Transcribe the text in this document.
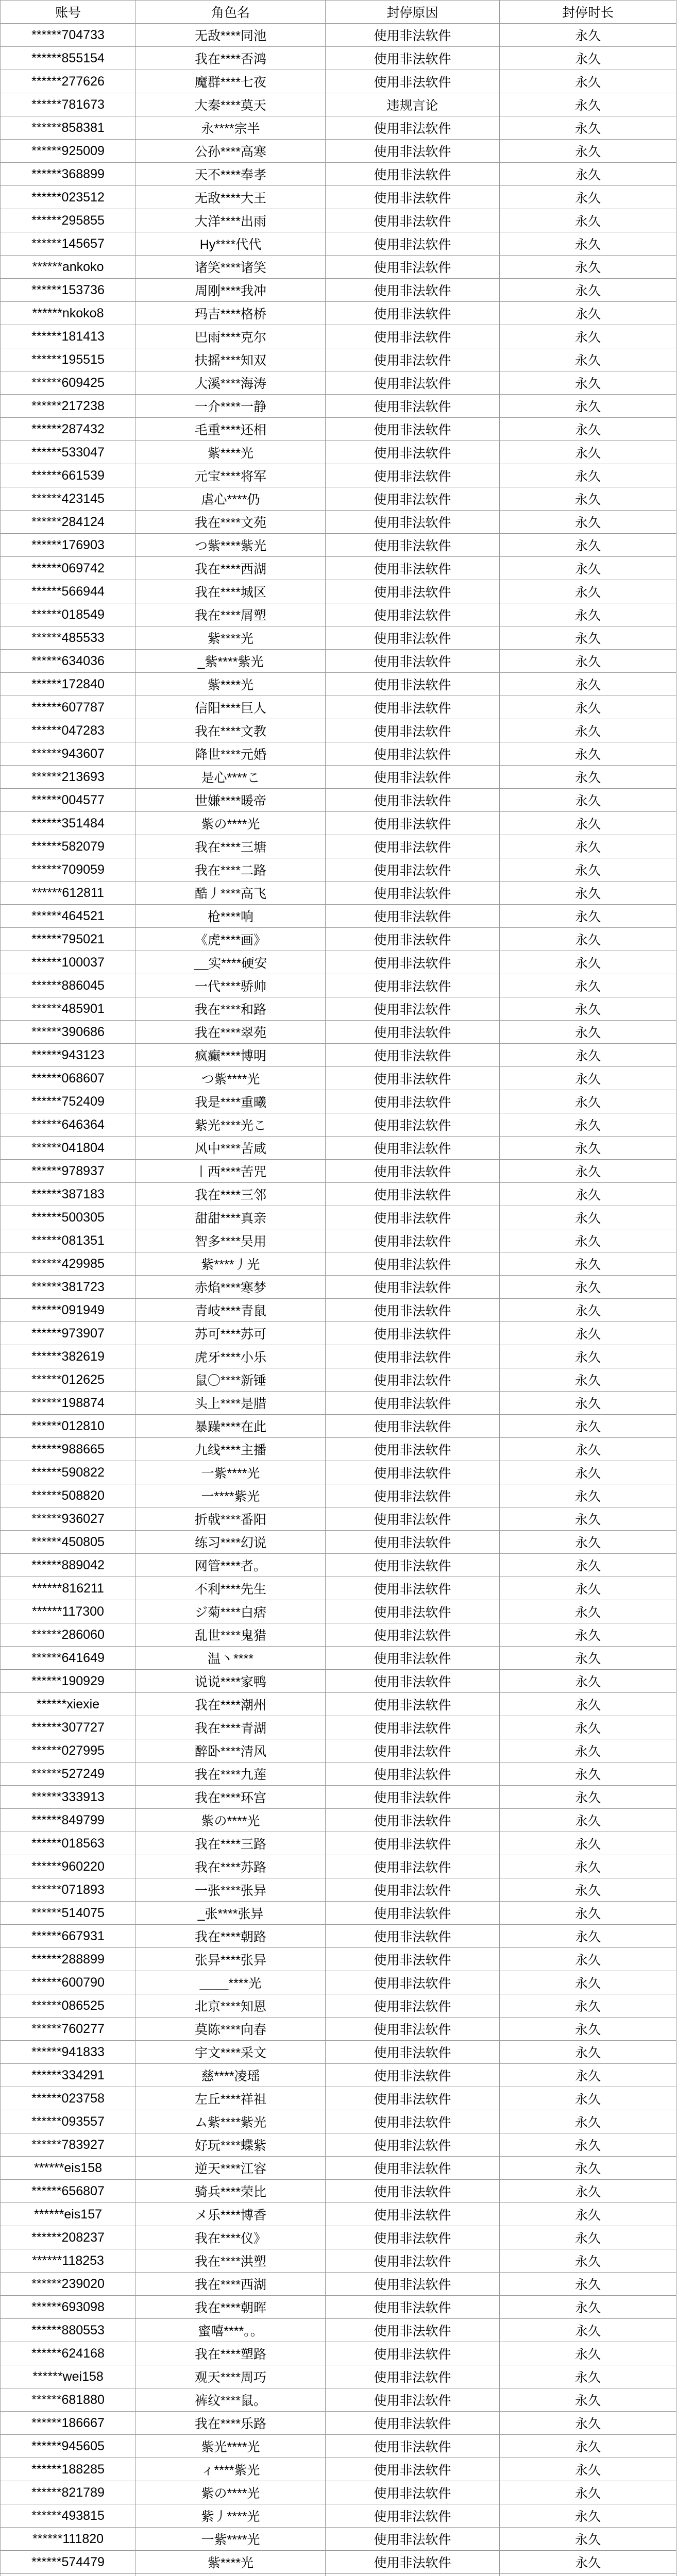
账号	角色名	封停原因	封停时长
******704733	无敌****同池	使用非法软件	永久
******855154	我在****否鸿	使用非法软件	永久
******277626	魔群****七夜	使用非法软件	永久
******781673	大秦****莫天	违规言论	永久
******858381	永****宗半	使用非法软件	永久
******925009	公孙****高寒	使用非法软件	永久
******368899	天不****奉孝	使用非法软件	永久
******023512	无敌****大王	使用非法软件	永久
******295855	大洋****出雨	使用非法软件	永久
******145657	Hy****代代	使用非法软件	永久
******ankoko	诸笑****诸笑	使用非法软件	永久
******153736	周刚****我冲	使用非法软件	永久
******nkoko8	玛吉****格桥	使用非法软件	永久
******181413	巴雨****克尔	使用非法软件	永久
******195515	扶摇****知双	使用非法软件	永久
******609425	大溪****海涛	使用非法软件	永久
******217238	一介****一静	使用非法软件	永久
******287432	毛重****还相	使用非法软件	永久
******533047	紫****光	使用非法软件	永久
******661539	元宝****将军	使用非法软件	永久
******423145	虐心****仍	使用非法软件	永久
******284124	我在****文苑	使用非法软件	永久
******176903	つ紫****紫光	使用非法软件	永久
******069742	我在****西湖	使用非法软件	永久
******566944	我在****城区	使用非法软件	永久
******018549	我在****屑塑	使用非法软件	永久
******485533	紫****光	使用非法软件	永久
******634036	_紫****紫光	使用非法软件	永久
******172840	紫****光	使用非法软件	永久
******607787	信阳****巨人	使用非法软件	永久
******047283	我在****文教	使用非法软件	永久
******943607	降世****元婚	使用非法软件	永久
******213693	是心****こ	使用非法软件	永久
******004577	世嫌****暖帝	使用非法软件	永久
******351484	紫の****光	使用非法软件	永久
******582079	我在****三塘	使用非法软件	永久
******709059	我在****二路	使用非法软件	永久
******612811	酷丿****高飞	使用非法软件	永久
******464521	枪****响	使用非法软件	永久
******795021	《虎****画》	使用非法软件	永久
******100037	__实****硬安	使用非法软件	永久
******886045	一代****骄帅	使用非法软件	永久
******485901	我在****和路	使用非法软件	永久
******390686	我在****翠苑	使用非法软件	永久
******943123	疯癫****博明	使用非法软件	永久
******068607	つ紫****光	使用非法软件	永久
******752409	我是****重曦	使用非法软件	永久
******646364	紫光****光こ	使用非法软件	永久
******041804	风中****苦咸	使用非法软件	永久
******978937	丨西****苦咒	使用非法软件	永久
******387183	我在****三邻	使用非法软件	永久
******500305	甜甜****真亲	使用非法软件	永久
******081351	智多****吴用	使用非法软件	永久
******429985	紫****丿光	使用非法软件	永久
******381723	赤焰****寒梦	使用非法软件	永久
******091949	青岐****青鼠	使用非法软件	永久
******973907	苏可****苏可	使用非法软件	永久
******382619	虎牙****小乐	使用非法软件	永久
******012625	鼠〇****新锤	使用非法软件	永久
******198874	头上****是腊	使用非法软件	永久
******012810	暴躁****在此	使用非法软件	永久
******988665	九线****主播	使用非法软件	永久
******590822	一紫****光	使用非法软件	永久
******508820	一****紫光	使用非法软件	永久
******936027	折戟****番阳	使用非法软件	永久
******450805	练习****幻说	使用非法软件	永久
******889042	网管****者。	使用非法软件	永久
******816211	不利****先生	使用非法软件	永久
******117300	ジ菊****白痞	使用非法软件	永久
******286060	乱世****鬼猎	使用非法软件	永久
******641649	温丶****	使用非法软件	永久
******190929	说说****家鸭	使用非法软件	永久
******xiexie	我在****潮州	使用非法软件	永久
******307727	我在****青湖	使用非法软件	永久
******027995	醉卧****清风	使用非法软件	永久
******527249	我在****九莲	使用非法软件	永久
******333913	我在****环宫	使用非法软件	永久
******849799	紫の****光	使用非法软件	永久
******018563	我在****三路	使用非法软件	永久
******960220	我在****苏路	使用非法软件	永久
******071893	一张****张异	使用非法软件	永久
******514075	_张****张异	使用非法软件	永久
******667931	我在****朝路	使用非法软件	永久
******288899	张异****张异	使用非法软件	永久
******600790	____****光	使用非法软件	永久
******086525	北京****知恩	使用非法软件	永久
******760277	莫陈****向春	使用非法软件	永久
******941833	宇文****采文	使用非法软件	永久
******334291	慈****凌瑶	使用非法软件	永久
******023758	左丘****祥祖	使用非法软件	永久
******093557	ム紫****紫光	使用非法软件	永久
******783927	好玩****蝶紫	使用非法软件	永久
******eis158	逆天****江容	使用非法软件	永久
******656807	骑兵****荣比	使用非法软件	永久
******eis157	メ乐****博香	使用非法软件	永久
******208237	我在****仪》	使用非法软件	永久
******118253	我在****洪塑	使用非法软件	永久
******239020	我在****西湖	使用非法软件	永久
******693098	我在****朝晖	使用非法软件	永久
******880553	蜜嘻****。。	使用非法软件	永久
******624168	我在****塑路	使用非法软件	永久
******wei158	观天****周巧	使用非法软件	永久
******681880	裤纹****鼠。	使用非法软件	永久
******186667	我在****乐路	使用非法软件	永久
******945605	紫光****光	使用非法软件	永久
******188285	ィ****紫光	使用非法软件	永久
******821789	紫の****光	使用非法软件	永久
******493815	紫丿****光	使用非法软件	永久
******111820	一紫****光	使用非法软件	永久
******574479	紫****光	使用非法软件	永久
